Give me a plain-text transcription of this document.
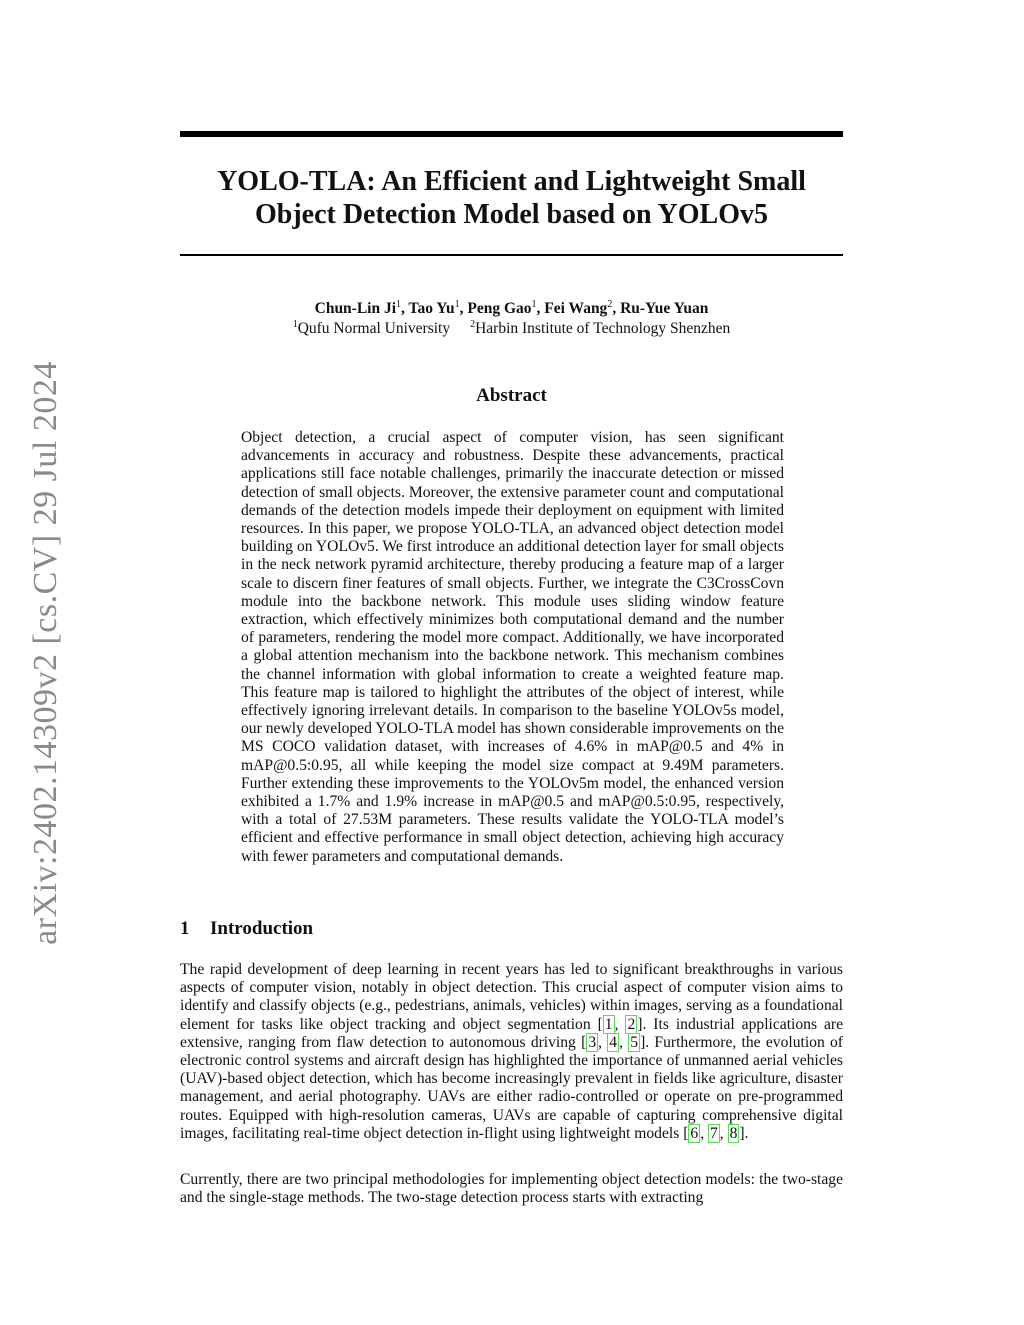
arXiv:2402.14309v2 [cs.CV] 29 Jul 2024
YOLO-TLA: An Efficient and Lightweight Small
Object Detection Model based on YOLOv5
Chun-Lin Ji$^1$, Tao Yu$^1$, Peng Gao$^1$, Fei Wang$^2$, Ru-Yue Yuan
$^1$Qufu Normal University $^2$Harbin Institute of Technology Shenzhen
Abstract

Object detection, a crucial aspect of computer vision, has seen significant advancements in accuracy and robustness. Despite these advancements, practical applications still face notable challenges, primarily the inaccurate detection or missed detection of small objects. Moreover, the extensive parameter count and computational demands of the detection models impede their deployment on equipment with limited resources. In this paper, we propose YOLO-TLA, an advanced object detection model building on YOLOv5. We first introduce an additional detection layer for small objects in the neck network pyramid architecture, thereby producing a feature map of a larger scale to discern finer features of small objects. Further, we integrate the C3CrossCovn module into the backbone network. This module uses sliding window feature extraction, which effectively minimizes both computational demand and the number of parameters, rendering the model more compact. Additionally, we have incorporated a global attention mechanism into the backbone network. This mechanism combines the channel information with global information to create a weighted feature map. This feature map is tailored to highlight the attributes of the object of interest, while effectively ignoring irrelevant details. In comparison to the baseline YOLOv5s model, our newly developed YOLO-TLA model has shown considerable improvements on the MS COCO validation dataset, with increases of 4.6% in mAP@0.5 and 4% in mAP@0.5:0.95, all while keeping the model size compact at 9.49M parameters. Further extending these improvements to the YOLOv5m model, the enhanced version exhibited a 1.7% and 1.9% increase in mAP@0.5 and mAP@0.5:0.95, respectively, with a total of 27.53M parameters. These results validate the YOLO-TLA model’s efficient and effective performance in small object detection, achieving high accuracy with fewer parameters and computational demands.

1 Introduction

The rapid development of deep learning in recent years has led to significant breakthroughs in various aspects of computer vision, notably in object detection. This crucial aspect of computer vision aims to identify and classify objects (e.g., pedestrians, animals, vehicles) within images, serving as a foundational element for tasks like object tracking and object segmentation [ 1 , 2 ]. Its industrial applications are extensive, ranging from flaw detection to autonomous driving [ 3 , 4 , 5 ]. Furthermore, the evolution of electronic control systems and aircraft design has highlighted the importance of unmanned aerial vehicles (UAV)-based object detection, which has become increasingly prevalent in fields like agriculture, disaster management, and aerial photography. UAVs are either radio-controlled or operate on pre-programmed routes. Equipped with high-resolution cameras, UAVs are capable of capturing comprehensive digital images, facilitating real-time object detection in-flight using lightweight models [ 6 , 7 , 8 ].

Currently, there are two principal methodologies for implementing object detection models: the two-stage and the single-stage methods. The two-stage detection process starts with extracting
